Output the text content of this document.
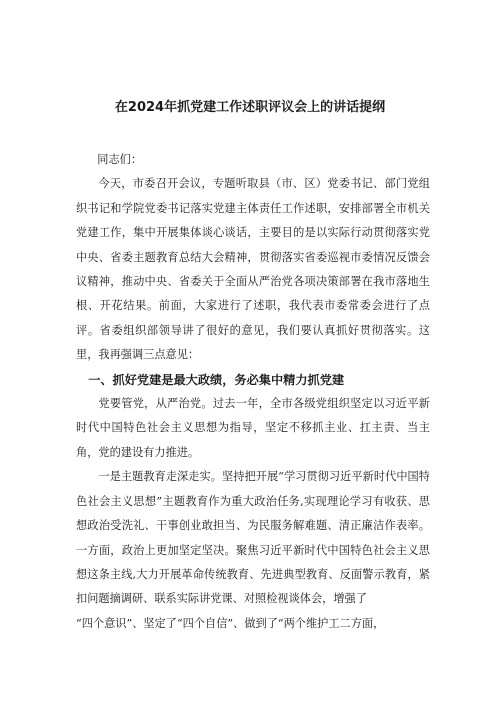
在2024年抓党建工作述职评议会上的讲话提纲

同志们：

今天，市委召开会议，专题听取县（市、区）党委书记、部门党组织书记和学院党委书记落实党建主体责任工作述职，安排部署全市机关党建工作，集中开展集体谈心谈话，主要目的是以实际行动贯彻落实党中央、省委主题教育总结大会精神，贯彻落实省委巡视市委情况反馈会议精神，推动中央、省委关于全面从严治党各项决策部署在我市落地生根、开花结果。前面，大家进行了述职，我代表市委常委会进行了点评。省委组织部领导讲了很好的意见，我们要认真抓好贯彻落实。这里，我再强调三点意见：

一、抓好党建是最大政绩，务必集中精力抓党建

党要管党，从严治党。过去一年，全市各级党组织坚定以习近平新时代中国特色社会主义思想为指导，坚定不移抓主业、扛主责、当主角，党的建设有力推进。

一是主题教育走深走实。坚持把开展“学习贯彻习近平新时代中国特色社会主义思想”主题教育作为重大政治任务,实现理论学习有收获、思想政治受洗礼、干事创业敢担当、为民服务解难题、清正廉洁作表率。一方面，政治上更加坚定坚决。聚焦习近平新时代中国特色社会主义思想这条主线,大力开展革命传统教育、先进典型教育、反面警示教育，紧扣问题摘调研、联系实际讲党课、对照检视谈体会，增强了

“四个意识”、坚定了“四个自信”、做到了“两个维护工二方面，
